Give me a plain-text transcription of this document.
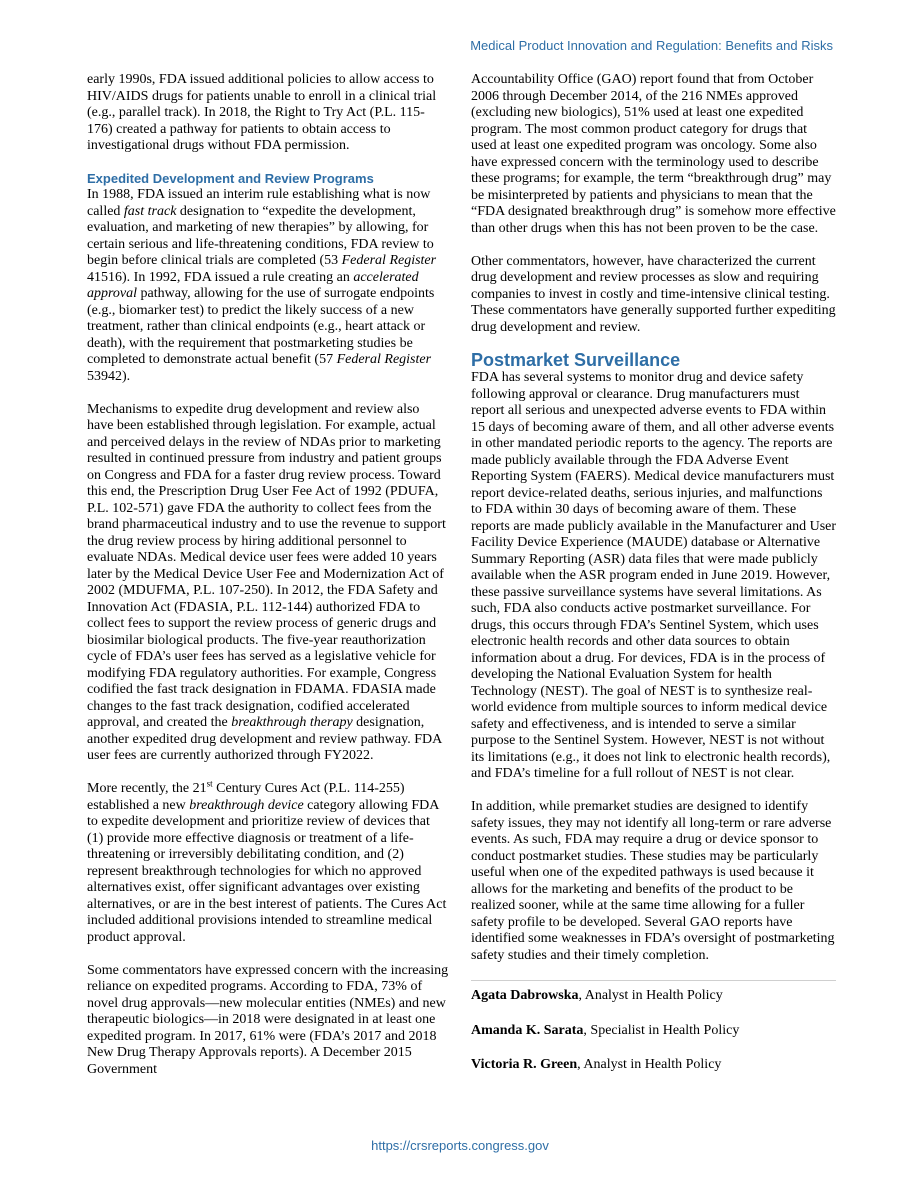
Medical Product Innovation and Regulation: Benefits and Risks

early 1990s, FDA issued additional policies to allow access to HIV/AIDS drugs for patients unable to enroll in a clinical trial (e.g., parallel track). In 2018, the Right to Try Act (P.L. 115-176) created a pathway for patients to obtain access to investigational drugs without FDA permission.

Expedited Development and Review Programs

In 1988, FDA issued an interim rule establishing what is now called fast track designation to “expedite the development, evaluation, and marketing of new therapies” by allowing, for certain serious and life-threatening conditions, FDA review to begin before clinical trials are completed (53 Federal Register 41516). In 1992, FDA issued a rule creating an accelerated approval pathway, allowing for the use of surrogate endpoints (e.g., biomarker test) to predict the likely success of a new treatment, rather than clinical endpoints (e.g., heart attack or death), with the requirement that postmarketing studies be completed to demonstrate actual benefit (57 Federal Register 53942).

Mechanisms to expedite drug development and review also have been established through legislation. For example, actual and perceived delays in the review of NDAs prior to marketing resulted in continued pressure from industry and patient groups on Congress and FDA for a faster drug review process. Toward this end, the Prescription Drug User Fee Act of 1992 (PDUFA, P.L. 102-571) gave FDA the authority to collect fees from the brand pharmaceutical industry and to use the revenue to support the drug review process by hiring additional personnel to evaluate NDAs. Medical device user fees were added 10 years later by the Medical Device User Fee and Modernization Act of 2002 (MDUFMA, P.L. 107-250). In 2012, the FDA Safety and Innovation Act (FDASIA, P.L. 112-144) authorized FDA to collect fees to support the review process of generic drugs and biosimilar biological products. The five-year reauthorization cycle of FDA’s user fees has served as a legislative vehicle for modifying FDA regulatory authorities. For example, Congress codified the fast track designation in FDAMA. FDASIA made changes to the fast track designation, codified accelerated approval, and created the breakthrough therapy designation, another expedited drug development and review pathway. FDA user fees are currently authorized through FY2022.

More recently, the 21st Century Cures Act (P.L. 114-255) established a new breakthrough device category allowing FDA to expedite development and prioritize review of devices that (1) provide more effective diagnosis or treatment of a life-threatening or irreversibly debilitating condition, and (2) represent breakthrough technologies for which no approved alternatives exist, offer significant advantages over existing alternatives, or are in the best interest of patients. The Cures Act included additional provisions intended to streamline medical product approval.

Some commentators have expressed concern with the increasing reliance on expedited programs. According to FDA, 73% of novel drug approvals—new molecular entities (NMEs) and new therapeutic biologics—in 2018 were designated in at least one expedited program. In 2017, 61% were (FDA’s 2017 and 2018 New Drug Therapy Approvals reports). A December 2015 Government

Accountability Office (GAO) report found that from October 2006 through December 2014, of the 216 NMEs approved (excluding new biologics), 51% used at least one expedited program. The most common product category for drugs that used at least one expedited program was oncology. Some also have expressed concern with the terminology used to describe these programs; for example, the term “breakthrough drug” may be misinterpreted by patients and physicians to mean that the “FDA designated breakthrough drug” is somehow more effective than other drugs when this has not been proven to be the case.

Other commentators, however, have characterized the current drug development and review processes as slow and requiring companies to invest in costly and time-intensive clinical testing. These commentators have generally supported further expediting drug development and review.

Postmarket Surveillance

FDA has several systems to monitor drug and device safety following approval or clearance. Drug manufacturers must report all serious and unexpected adverse events to FDA within 15 days of becoming aware of them, and all other adverse events in other mandated periodic reports to the agency. The reports are made publicly available through the FDA Adverse Event Reporting System (FAERS). Medical device manufacturers must report device-related deaths, serious injuries, and malfunctions to FDA within 30 days of becoming aware of them. These reports are made publicly available in the Manufacturer and User Facility Device Experience (MAUDE) database or Alternative Summary Reporting (ASR) data files that were made publicly available when the ASR program ended in June 2019. However, these passive surveillance systems have several limitations. As such, FDA also conducts active postmarket surveillance. For drugs, this occurs through FDA’s Sentinel System, which uses electronic health records and other data sources to obtain information about a drug. For devices, FDA is in the process of developing the National Evaluation System for health Technology (NEST). The goal of NEST is to synthesize real-world evidence from multiple sources to inform medical device safety and effectiveness, and is intended to serve a similar purpose to the Sentinel System. However, NEST is not without its limitations (e.g., it does not link to electronic health records), and FDA’s timeline for a full rollout of NEST is not clear.

In addition, while premarket studies are designed to identify safety issues, they may not identify all long-term or rare adverse events. As such, FDA may require a drug or device sponsor to conduct postmarket studies. These studies may be particularly useful when one of the expedited pathways is used because it allows for the marketing and benefits of the product to be realized sooner, while at the same time allowing for a fuller safety profile to be developed. Several GAO reports have identified some weaknesses in FDA’s oversight of postmarketing safety studies and their timely completion.

Agata Dabrowska, Analyst in Health Policy

Amanda K. Sarata, Specialist in Health Policy

Victoria R. Green, Analyst in Health Policy

https://crsreports.congress.gov
